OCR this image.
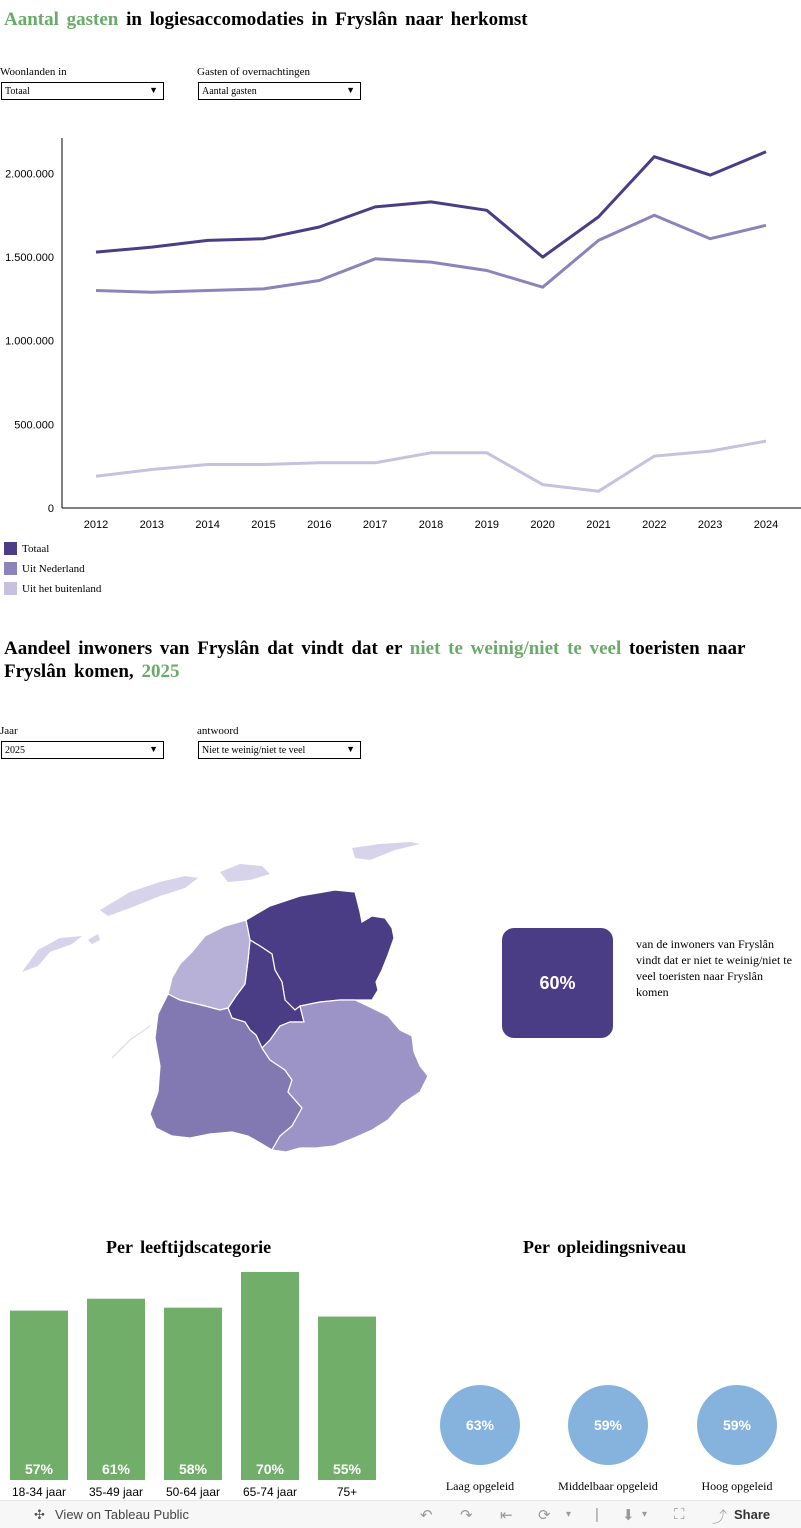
Aantal gasten in logiesaccomodaties in Fryslân naar herkomst
Woonlanden in
Totaal	▼
Gasten of overnachtingen
Aantal gasten	▼
0
500.000
1.000.000
1.500.000
2.000.000
2012	2013	2014	2015	2016	2017	2018	2019	2020	2021	2022	2023	2024
Totaal
Uit Nederland
Uit het buitenland
Aandeel inwoners van Fryslân dat vindt dat er niet te weinig/niet te veel toeristen naar
Fryslân komen, 2025
Jaar
2025	▼
antwoord
Niet te weinig/niet te veel	▼
60%
van de inwoners van Fryslân vindt dat er niet te weinig/niet te veel toeristen naar Fryslân komen
Per leeftijdscategorie
57%
18-34 jaar
61%
35-49 jaar
58%
50-64 jaar
70%
65-74 jaar
55%
75+
Per opleidingsniveau
63%
Laag opgeleid
59%
Middelbaar opgeleid
59%
Hoog opgeleid
✣ View on Tableau Public	↶ ↷ ⇤ ⟳ ▾ | ⬇ ▾ ⛶ ⤴ Share
